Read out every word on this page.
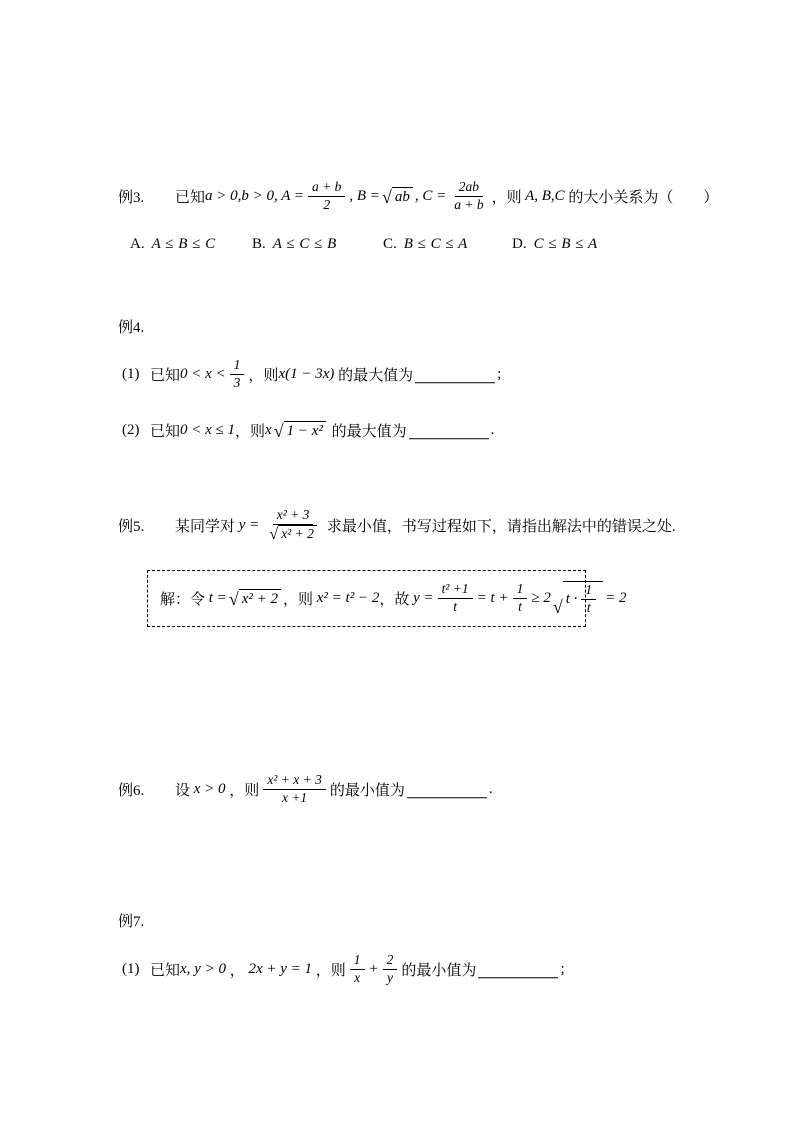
例3.	已知 a > 0,b > 0, $A = \frac{a + b}{2}$ , B = √ ab , $C = \frac{2ab}{a + b}$ ，则 A, B,C 的大小关系为（　　）
A. A ≤ B ≤ C B. A ≤ C ≤ B	C. B ≤ C ≤ A	D. C ≤ B ≤ A
例4.
(1) 已知 $0 < x < \frac{1}{3}$ ，则 x(1 − 3x) 的最大值为	;
(2) 已知 0 < x ≤ 1 ，则 x √ 1 − x² 的最大值为	.
例5.	某同学对 $y = \frac{\text{x² + 3}}{\text{√ x² + 2}}$ 求最小值，书写过程如下，请指出解法中的错误之处.
解：令 t = √ x² + 2 ，则 x² = t² − 2 ，故 $y = \frac{\text{t² +1}}{t} = t + \frac{1}{t} \ge 2$ √ $t \cdot \frac{1}{t} = 2$
例6.	设 x > 0 ，则 $\frac{\text{x² + x + 3}}{x +1}$ 的最小值为	.
例7.
(1) 已知 x, y > 0 ， 2x + y = 1 ，则 $\frac{1}{x} + \frac{2}{y}$ 的最小值为	;
